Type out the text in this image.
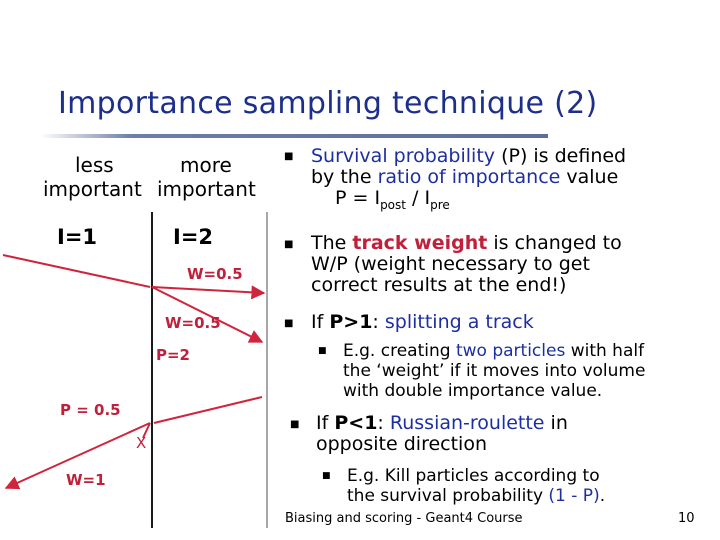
Importance sampling technique (2)
less
important
more
important
I=1	I=2
W=0.5
W=0.5
P=2
P = 0.5
X
W=1
■ Survival probability (P) is defined
by the ratio of importance value
$P = I_{post} / I_{pre}$
■ The track weight is changed to
W/P (weight necessary to get
correct results at the end!)
■ If P>1: splitting a track
■ E.g. creating two particles with half
the ‘weight’ if it moves into volume
with double importance value.
■ If P<1: Russian-roulette in
opposite direction
■ E.g. Kill particles according to
the survival probability (1 - P).
Biasing and scoring - Geant4 Course	10
